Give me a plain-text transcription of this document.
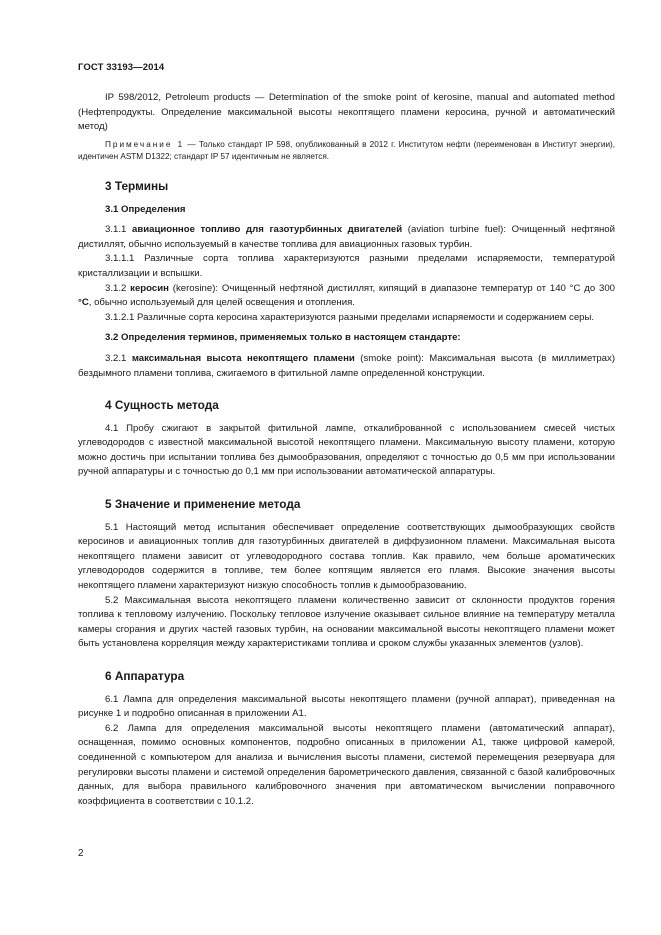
ГОСТ 33193—2014

IP 598/2012, Petroleum products — Determination of the smoke point of kerosine, manual and automated method (Нефтепродукты. Определение максимальной высоты некоптящего пламени керосина, ручной и автоматический метод)

Примечание 1 — Только стандарт IP 598, опубликованный в 2012 г. Институтом нефти (переименован в Институт энергии), идентичен ASTM D1322; стандарт IP 57 идентичным не является.

3 Термины

3.1 Определения

3.1.1 авиационное топливо для газотурбинных двигателей (aviation turbine fuel): Очищенный нефтяной дистиллят, обычно используемый в качестве топлива для авиационных газовых турбин.

3.1.1.1 Различные сорта топлива характеризуются разными пределами испаряемости, температурой кристаллизации и вспышки.

3.1.2 керосин (kerosine): Очищенный нефтяной дистиллят, кипящий в диапазоне температур от 140 °С до 300 °С, обычно используемый для целей освещения и отопления.

3.1.2.1 Различные сорта керосина характеризуются разными пределами испаряемости и содержанием серы.

3.2 Определения терминов, применяемых только в настоящем стандарте:

3.2.1 максимальная высота некоптящего пламени (smoke point): Максимальная высота (в миллиметрах) бездымного пламени топлива, сжигаемого в фитильной лампе определенной конструкции.

4 Сущность метода

4.1 Пробу сжигают в закрытой фитильной лампе, откалиброванной с использованием смесей чистых углеводородов с известной максимальной высотой некоптящего пламени. Максимальную высоту пламени, которую можно достичь при испытании топлива без дымообразования, определяют с точностью до 0,5 мм при использовании ручной аппаратуры и с точностью до 0,1 мм при использовании автоматической аппаратуры.

5 Значение и применение метода

5.1 Настоящий метод испытания обеспечивает определение соответствующих дымообразующих свойств керосинов и авиационных топлив для газотурбинных двигателей в диффузионном пламени. Максимальная высота некоптящего пламени зависит от углеводородного состава топлив. Как правило, чем больше ароматических углеводородов содержится в топливе, тем более коптящим является его пламя. Высокие значения высоты некоптящего пламени характеризуют низкую способность топлив к дымообразованию.

5.2 Максимальная высота некоптящего пламени количественно зависит от склонности продуктов горения топлива к тепловому излучению. Поскольку тепловое излучение оказывает сильное влияние на температуру металла камеры сгорания и других частей газовых турбин, на основании максимальной высоты некоптящего пламени может быть установлена корреляция между характеристиками топлива и сроком службы указанных элементов (узлов).

6 Аппаратура

6.1 Лампа для определения максимальной высоты некоптящего пламени (ручной аппарат), приведенная на рисунке 1 и подробно описанная в приложении А1.

6.2 Лампа для определения максимальной высоты некоптящего пламени (автоматический аппарат), оснащенная, помимо основных компонентов, подробно описанных в приложении А1, также цифровой камерой, соединенной с компьютером для анализа и вычисления высоты пламени, системой перемещения резервуара для регулировки высоты пламени и системой определения барометрического давления, связанной с базой калибровочных данных, для выбора правильного калибровочного значения при автоматическом вычислении поправочного коэффициента в соответствии с 10.1.2.

2
